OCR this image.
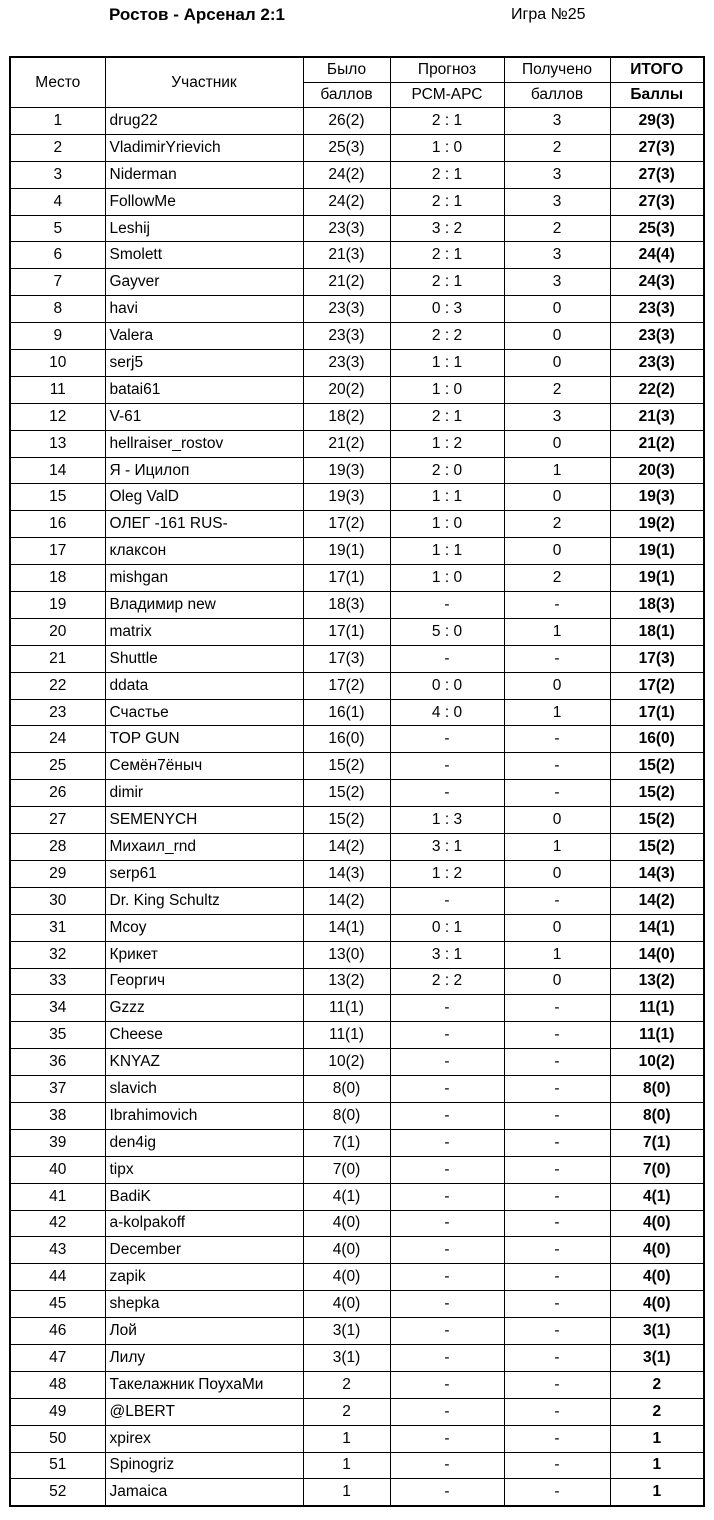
Ростов - Арсенал 2:1	Игра №25
Место	Участник	Было	Прогноз	Получено	ИТОГО
		баллов	РСМ-АРС	баллов	Баллы
1	drug22	26(2)	2 : 1	3	29(3)
2	VladimirYrievich	25(3)	1 : 0	2	27(3)
3	Niderman	24(2)	2 : 1	3	27(3)
4	FollowMe	24(2)	2 : 1	3	27(3)
5	Leshij	23(3)	3 : 2	2	25(3)
6	Smolett	21(3)	2 : 1	3	24(4)
7	Gayver	21(2)	2 : 1	3	24(3)
8	havi	23(3)	0 : 3	0	23(3)
9	Valera	23(3)	2 : 2	0	23(3)
10	serj5	23(3)	1 : 1	0	23(3)
11	batai61	20(2)	1 : 0	2	22(2)
12	V-61	18(2)	2 : 1	3	21(3)
13	hellraiser_rostov	21(2)	1 : 2	0	21(2)
14	Я - Ицилоп	19(3)	2 : 0	1	20(3)
15	Oleg ValD	19(3)	1 : 1	0	19(3)
16	ОЛЕГ -161 RUS-	17(2)	1 : 0	2	19(2)
17	клаксон	19(1)	1 : 1	0	19(1)
18	mishgan	17(1)	1 : 0	2	19(1)
19	Владимир new	18(3)	-	-	18(3)
20	matrix	17(1)	5 : 0	1	18(1)
21	Shuttle	17(3)	-	-	17(3)
22	ddata	17(2)	0 : 0	0	17(2)
23	Счастье	16(1)	4 : 0	1	17(1)
24	TOP GUN	16(0)	-	-	16(0)
25	Семён7ёныч	15(2)	-	-	15(2)
26	dimir	15(2)	-	-	15(2)
27	SEMENYCH	15(2)	1 : 3	0	15(2)
28	Михаил_rnd	14(2)	3 : 1	1	15(2)
29	serp61	14(3)	1 : 2	0	14(3)
30	Dr. King Schultz	14(2)	-	-	14(2)
31	Mcoy	14(1)	0 : 1	0	14(1)
32	Крикет	13(0)	3 : 1	1	14(0)
33	Георгич	13(2)	2 : 2	0	13(2)
34	Gzzz	11(1)	-	-	11(1)
35	Cheese	11(1)	-	-	11(1)
36	KNYAZ	10(2)	-	-	10(2)
37	slavich	8(0)	-	-	8(0)
38	Ibrahimovich	8(0)	-	-	8(0)
39	den4ig	7(1)	-	-	7(1)
40	tipx	7(0)	-	-	7(0)
41	BadiK	4(1)	-	-	4(1)
42	a-kolpakoff	4(0)	-	-	4(0)
43	December	4(0)	-	-	4(0)
44	zapik	4(0)	-	-	4(0)
45	shepka	4(0)	-	-	4(0)
46	Лой	3(1)	-	-	3(1)
47	Лилу	3(1)	-	-	3(1)
48	Такелажник ПоухаМи	2	-	-	2
49	@LBERT	2	-	-	2
50	xpirex	1	-	-	1
51	Spinogriz	1	-	-	1
52	Jamaica	1	-	-	1
